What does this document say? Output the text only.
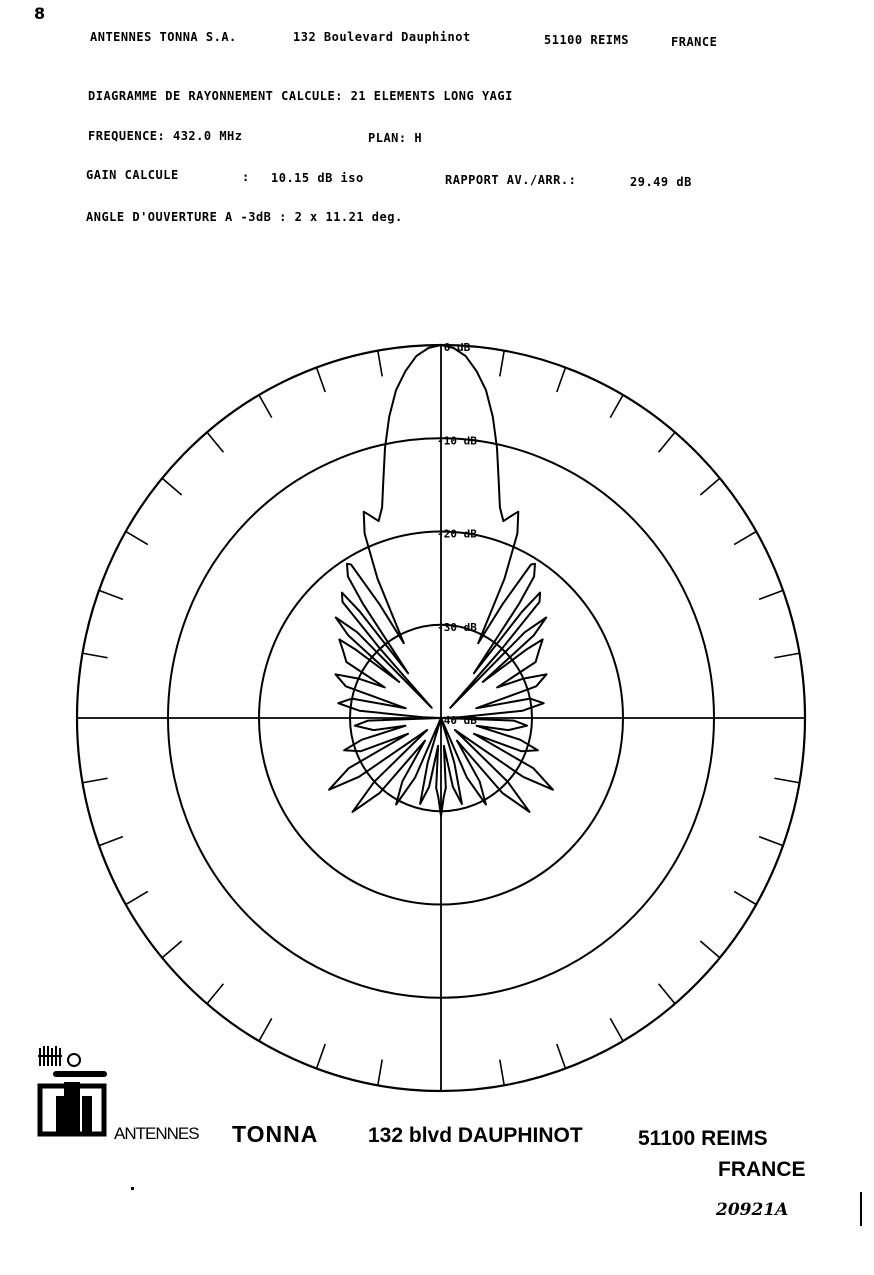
8
ANTENNES TONNA S.A.	132 Boulevard Dauphinot	51100 REIMS	FRANCE
DIAGRAMME DE RAYONNEMENT CALCULE: 21 ELEMENTS LONG YAGI
FREQUENCE: 432.0 MHz	PLAN: H
GAIN CALCULE	: 10.15 dB iso	RAPPORT AV./ARR.:	29.49 dB
ANGLE D'OUVERTURE A -3dB : 2 x 11.21 deg.
0 dB
-10 dB
-20 dB
-30 dB
-40 dB
ANTENNES TONNA 132 blvd DAUPHINOT	51100 REIMS
FRANCE
20921A
